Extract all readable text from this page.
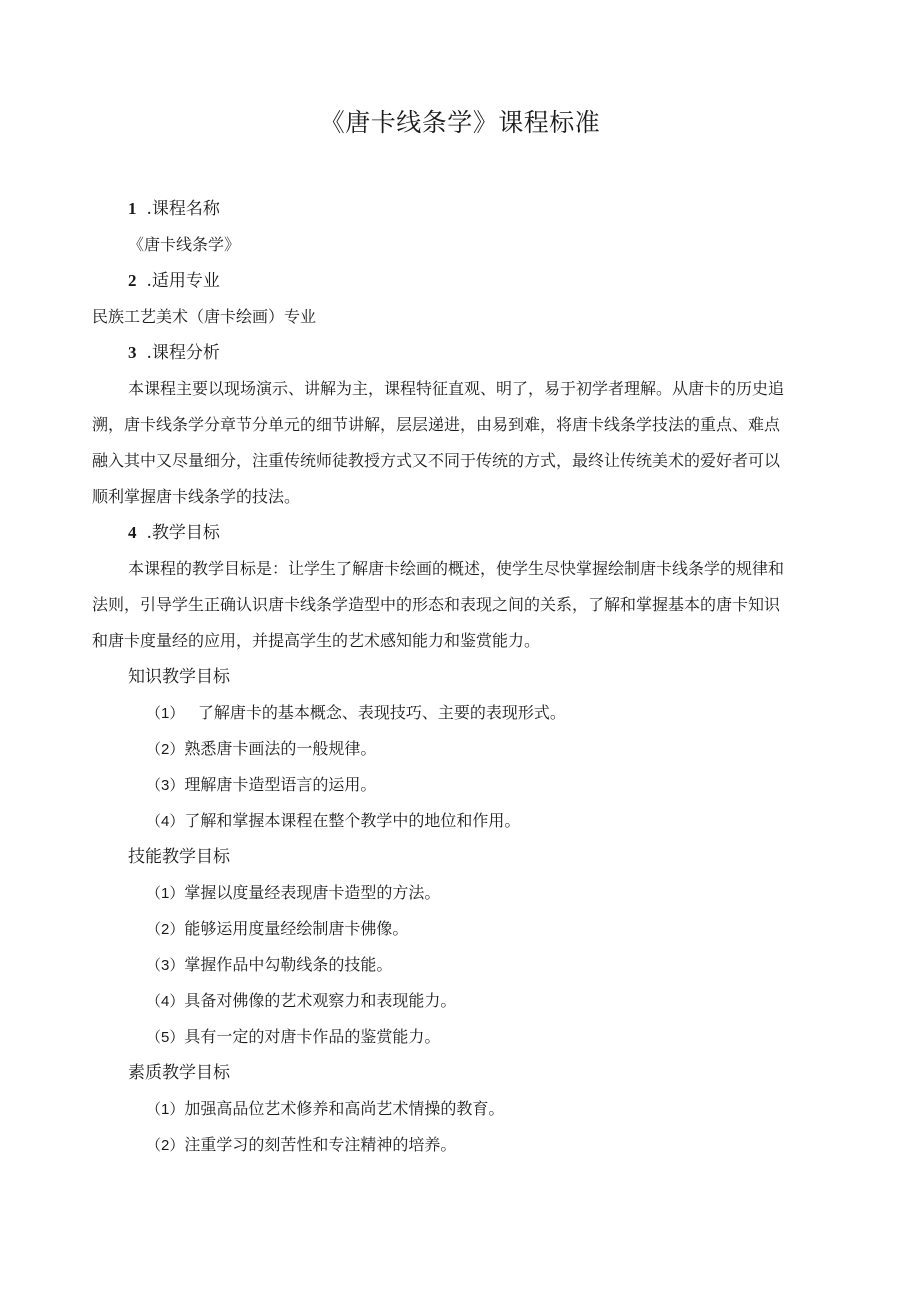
《唐卡线条学》课程标准
1 .课程名称
《唐卡线条学》
2 .适用专业
民族工艺美术（唐卡绘画）专业
3 .课程分析
本课程主要以现场演示、讲解为主，课程特征直观、明了，易于初学者理解。从唐卡的历史追
溯，唐卡线条学分章节分单元的细节讲解，层层递进，由易到难，将唐卡线条学技法的重点、难点
融入其中又尽量细分，注重传统师徒教授方式又不同于传统的方式，最终让传统美术的爱好者可以
顺利掌握唐卡线条学的技法。
4 .教学目标
本课程的教学目标是：让学生了解唐卡绘画的概述，使学生尽快掌握绘制唐卡线条学的规律和
法则，引导学生正确认识唐卡线条学造型中的形态和表现之间的关系，了解和掌握基本的唐卡知识
和唐卡度量经的应用，并提高学生的艺术感知能力和鉴赏能力。
知识教学目标
（1）　 了解唐卡的基本概念、表现技巧、主要的表现形式。
（2）熟悉唐卡画法的一般规律。
（3）理解唐卡造型语言的运用。
（4）了解和掌握本课程在整个教学中的地位和作用。
技能教学目标
（1）掌握以度量经表现唐卡造型的方法。
（2）能够运用度量经绘制唐卡佛像。
（3）掌握作品中勾勒线条的技能。
（4）具备对佛像的艺术观察力和表现能力。
（5）具有一定的对唐卡作品的鉴赏能力。
素质教学目标
（1）加强高品位艺术修养和高尚艺术情操的教育。
（2）注重学习的刻苦性和专注精神的培养。
